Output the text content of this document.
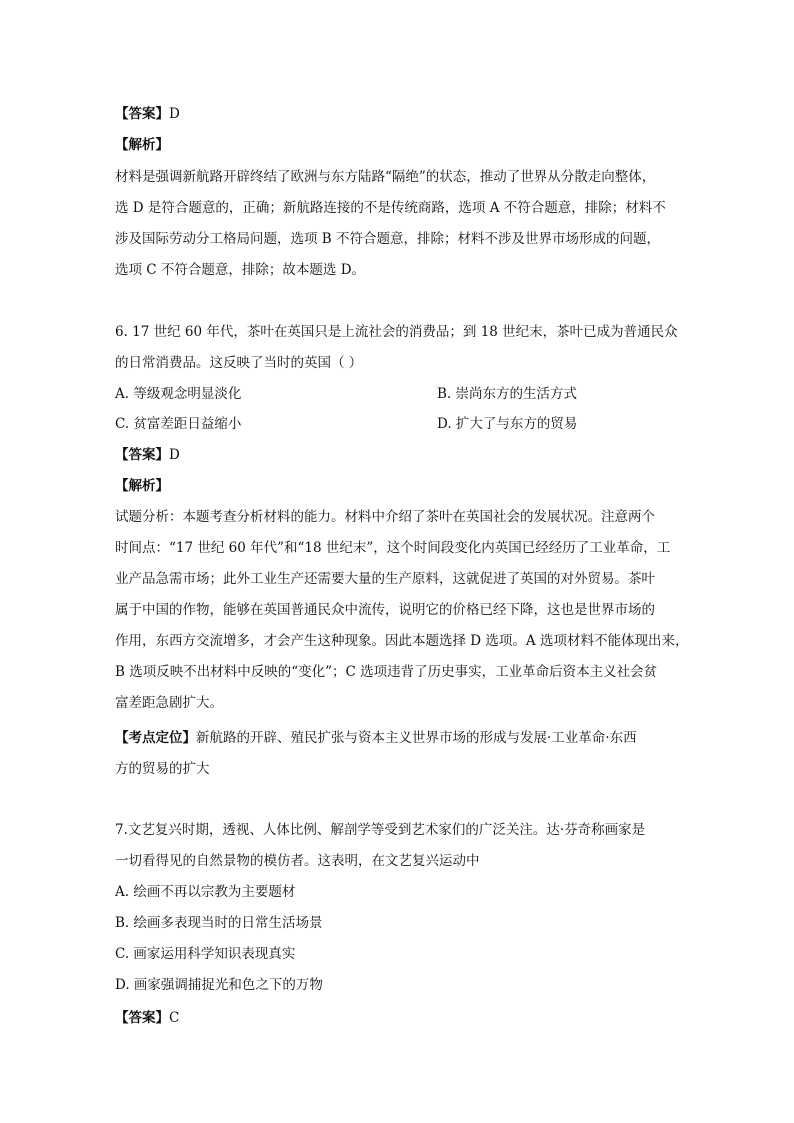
【答案】D
【解析】
材料是强调新航路开辟终结了欧洲与东方陆路“隔绝”的状态，推动了世界从分散走向整体，
选 D 是符合题意的，正确；新航路连接的不是传统商路，选项 A 不符合题意，排除；材料不
涉及国际劳动分工格局问题，选项 B 不符合题意，排除；材料不涉及世界市场形成的问题，
选项 C 不符合题意，排除；故本题选 D。
6. 17 世纪 60 年代，茶叶在英国只是上流社会的消费品；到 18 世纪末，茶叶已成为普通民众
的日常消费品。这反映了当时的英国（ ）
A. 等级观念明显淡化	B. 崇尚东方的生活方式
C. 贫富差距日益缩小	D. 扩大了与东方的贸易
【答案】D
【解析】
试题分析：本题考查分析材料的能力。材料中介绍了茶叶在英国社会的发展状况。注意两个
时间点：“17 世纪 60 年代”和“18 世纪末”，这个时间段变化内英国已经经历了工业革命，工
业产品急需市场；此外工业生产还需要大量的生产原料，这就促进了英国的对外贸易。茶叶
属于中国的作物，能够在英国普通民众中流传，说明它的价格已经下降，这也是世界市场的
作用，东西方交流增多，才会产生这种现象。因此本题选择 D 选项。A 选项材料不能体现出来，
B 选项反映不出材料中反映的“变化”；C 选项违背了历史事实，工业革命后资本主义社会贫
富差距急剧扩大。
【考点定位】新航路的开辟、殖民扩张与资本主义世界市场的形成与发展·工业革命·东西
方的贸易的扩大
7.文艺复兴时期，透视、人体比例、解剖学等受到艺术家们的广泛关注。达·芬奇称画家是
一切看得见的自然景物的模仿者。这表明，在文艺复兴运动中
A. 绘画不再以宗教为主要题材
B. 绘画多表现当时的日常生活场景
C. 画家运用科学知识表现真实
D. 画家强调捕捉光和色之下的万物
【答案】C
